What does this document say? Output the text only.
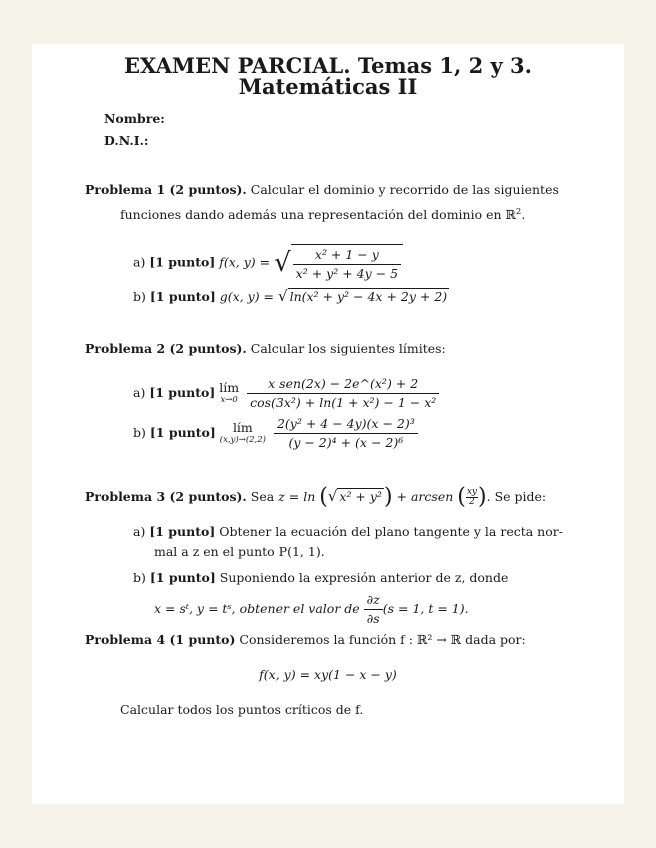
EXAMEN PARCIAL. Temas 1, 2 y 3.
Matemáticas II
Nombre:
D.N.I.:
Problema 1 (2 puntos). Calcular el dominio y recorrido de las siguientes
funciones dando además una representación del dominio en ℝ$^2$.
a) [1 punto] f(x, y) = √ $\frac{\text{x² + 1 − y}}{\text{x² + y² + 4y − 5}}$
b) [1 punto] g(x, y) = √ ln(x² + y² − 4x + 2y + 2)
Problema 2 (2 puntos). Calcular los siguientes límites:
a) [1 punto] lím
x→0
$\frac{\text{x sen(2x) − 2e\textasciicircum{}(x²) + 2}}{\text{cos(3x²) + ln(1 + x²) − 1 − x²}}$
b) [1 punto]	lím
(x,y)→(2,2)
$\frac{\text{2(y² + 4 − 4y)(x − 2)³}}{\text{(y − 2)⁴ + (x − 2)⁶}}$
Problema 3 (2 puntos). Sea z = ln (√ x² + y²) + arcsen ( $\frac{xy}{2}$ ). Se pide:
a) [1 punto] Obtener la ecuación del plano tangente y la recta nor-
mal a z en el punto P(1, 1).
b) [1 punto] Suponiendo la expresión anterior de z, donde
x = sᵗ, y = tˢ, obtener el valor de $\frac{\partial z}{\partial s} (s = 1$, t = 1).
Problema 4 (1 punto) Consideremos la función f : ℝ² → ℝ dada por:
f(x, y) = xy(1 − x − y)
Calcular todos los puntos críticos de f.
